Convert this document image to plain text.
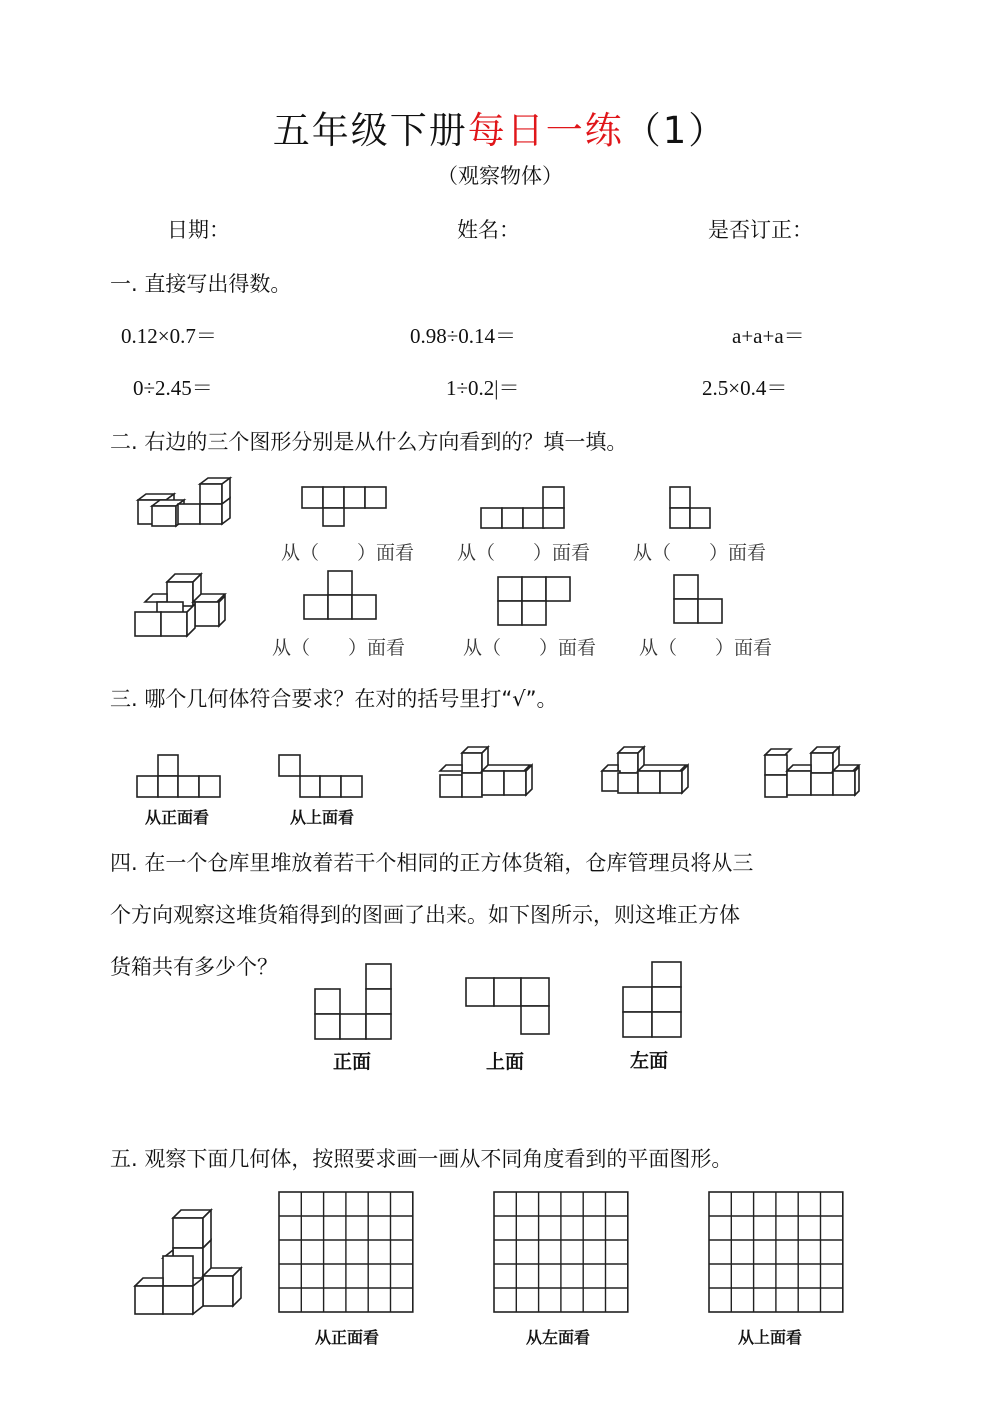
五年级下册每日一练（1）
（观察物体）
日期：	姓名：	是否订正：
一. 直接写出得数。
0.12×0.7＝	0.98÷0.14＝	a+a+a＝
0÷2.45＝	1÷0.2|＝	2.5×0.4＝
二. 右边的三个图形分别是从什么方向看到的？填一填。
从（　　）面看 从（　　）面看 从（　　）面看
从（　　）面看	从（　　）面看 从（　　）面看
三. 哪个几何体符合要求？在对的括号里打“√”。
从正面看	从上面看
四. 在一个仓库里堆放着若干个相同的正方体货箱，仓库管理员将从三
个方向观察这堆货箱得到的图画了出来。如下图所示，则这堆正方体
货箱共有多少个？
正面	上面	左面
五. 观察下面几何体，按照要求画一画从不同角度看到的平面图形。
从正面看	从左面看	从上面看
